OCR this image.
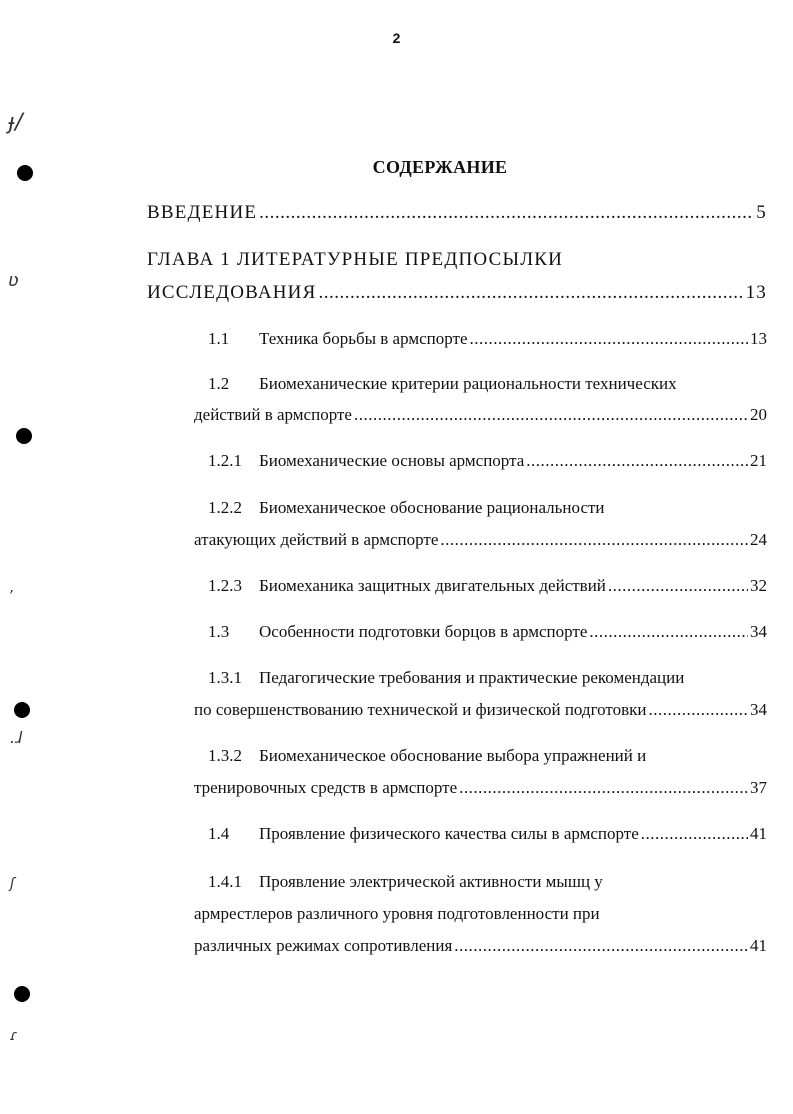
ɟ/
ʋ
,
.ɺ
ʃ
ɾ
2
СОДЕРЖАНИЕ
ВВЕДЕНИЕ .....	5
ГЛАВА 1 ЛИТЕРАТУРНЫЕ ПРЕДПОСЫЛКИ
ИССЛЕДОВАНИЯ .....	13
1.1	Техника борьбы в армспорте .....	13
1.2	Биомеханические критерии рациональности технических
действий в армспорте .....	20
1.2.1	Биомеханические основы армспорта .....	21
1.2.2	Биомеханическое обоснование рациональности
атакующих действий в армспорте .....	24
1.2.3	Биомеханика защитных двигательных действий .....	32
1.3	Особенности подготовки борцов в армспорте .....	34
1.3.1	Педагогические требования и практические рекомендации
по совершенствованию технической и физической подготовки .....	34
1.3.2	Биомеханическое обоснование выбора упражнений и
тренировочных средств в армспорте .....	37
1.4	Проявление физического качества силы в армспорте .....	41
1.4.1	Проявление электрической активности мышц у
армрестлеров различного уровня подготовленности при
различных режимах сопротивления .....	41
